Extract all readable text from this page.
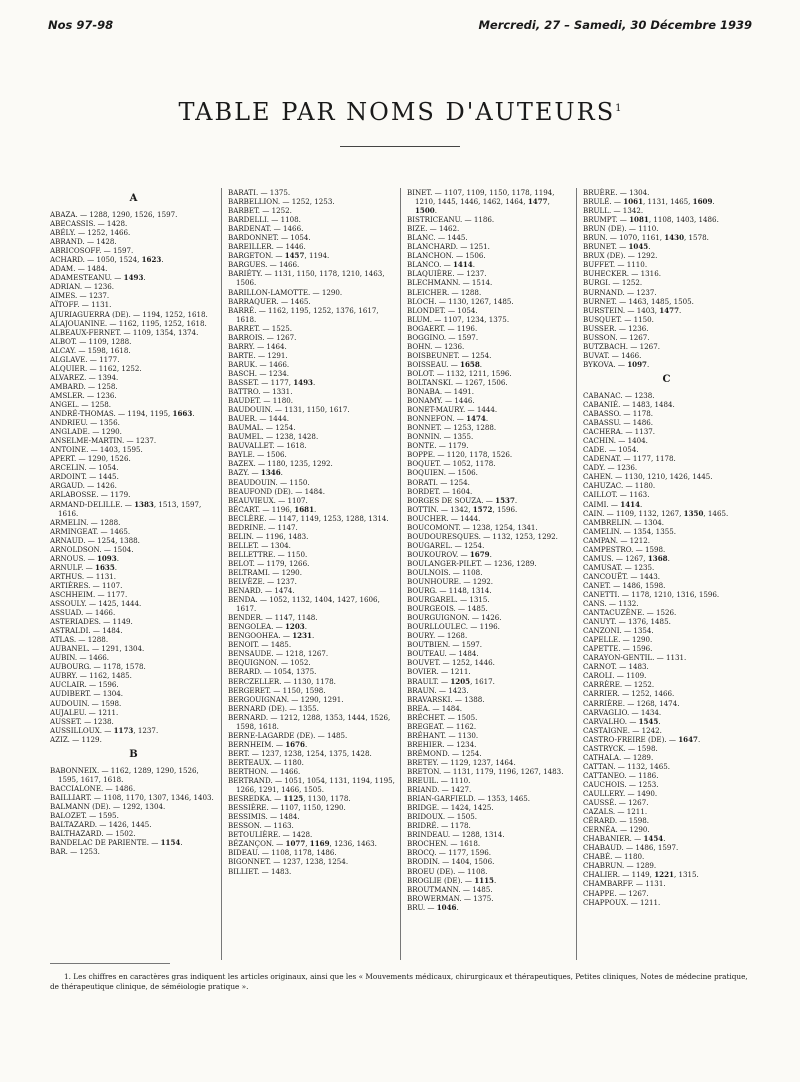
Nos 97-98	Mercredi, 27 – Samedi, 30 Décembre 1939
TABLE PAR NOMS D'AUTEURS$^1$
A
ABAZA. — 1288, 1290, 1526, 1597.
ABECASSIS. — 1428.
ABÉLY. — 1252, 1466.
ABRAND. — 1428.
ABRICOSOFF. — 1597.
ACHARD. — 1050, 1524, 1623.
ADAM. — 1484.
ADAMESTEANU. — 1493.
ADRIAN. — 1236.
AIMES. — 1237.
AÏTOFF. — 1131.
AJURIAGUERRA (DE). — 1194, 1252, 1618.
ALAJOUANINE. — 1162, 1195, 1252, 1618.
ALBEAUX-FERNET. — 1109, 1354, 1374.
ALBOT. — 1109, 1288.
ALCAY. — 1598, 1618.
ALGLAVE. — 1177.
ALQUIER. — 1162, 1252.
ALVAREZ. — 1394.
AMBARD. — 1258.
AMSLER. — 1236.
ANGEL. — 1258.
ANDRÉ-THOMAS. — 1194, 1195, 1663.
ANDRIEU. — 1356.
ANGLADE. — 1290.
ANSELME-MARTIN. — 1237.
ANTOINE. — 1403, 1595.
APERT. — 1290, 1526.
ARCELIN. — 1054.
ARDOINT. — 1445.
ARGAUD. — 1426.
ARLABOSSE. — 1179.
ARMAND-DELILLE. — 1383, 1513, 1597, 1616.
ARMELIN. — 1288.
ARMINGEAT. — 1465.
ARNAUD. — 1254, 1388.
ARNOLDSON. — 1504.
ARNOUS. — 1093.
ARNULF. — 1635.
ARTHUS. — 1131.
ARTIÈRES. — 1107.
ASCHHEIM. — 1177.
ASSOULY. — 1425, 1444.
ASSUAD. — 1466.
ASTERIADES. — 1149.
ASTRALDI. — 1484.
ATLAS. — 1288.
AUBANEL. — 1291, 1304.
AUBIN. — 1466.
AUBOURG. — 1178, 1578.
AUBRY. — 1162, 1485.
AUCLAIR. — 1596.
AUDIBERT. — 1304.
AUDOUIN. — 1598.
AUJALEU. — 1211.
AUSSET. — 1238.
AUSSILLOUX. — 1173, 1237.
AZIZ. — 1129.
B
BABONNEIX. — 1162, 1289, 1290, 1526, 1595, 1617, 1618.
BACCIALONE. — 1486.
BAILLIART. — 1108, 1170, 1307, 1346, 1403.
BALMANN (DE). — 1292, 1304.
BALOZET. — 1595.
BALTAZARD. — 1426, 1445.
BALTHAZARD. — 1502.
BANDELAC DE PARIENTE. — 1154.
BAR. — 1253.
BARATI. — 1375.
BARBELLION. — 1252, 1253.
BARBET. — 1252.
BARDELLI. — 1108.
BARDENAT. — 1466.
BARDONNET. — 1054.
BAREILLER. — 1446.
BARGETON. — 1457, 1194.
BARGUES. — 1466.
BARIÉTY. — 1131, 1150, 1178, 1210, 1463, 1506.
BARILLON-LAMOTTE. — 1290.
BARRAQUER. — 1465.
BARRÉ. — 1162, 1195, 1252, 1376, 1617, 1618.
BARRET. — 1525.
BARROIS. — 1267.
BARRY. — 1464.
BARTE. — 1291.
BARUK. — 1466.
BASCH. — 1234.
BASSET. — 1177, 1493.
BATTRO. — 1331.
BAUDET. — 1180.
BAUDOUIN. — 1131, 1150, 1617.
BAUER. — 1444.
BAUMAL. — 1254.
BAUMEL. — 1238, 1428.
BAUVALLET. — 1618.
BAYLE. — 1506.
BAZEX. — 1180, 1235, 1292.
BAZY. — 1346.
BEAUDOUIN. — 1150.
BEAUFOND (DE). — 1484.
BEAUVIEUX. — 1107.
BÉCART. — 1196, 1681.
BECLÈRE. — 1147, 1149, 1253, 1288, 1314.
BEDRINE. — 1147.
BELIN. — 1196, 1483.
BELLET. — 1304.
BELLETTRE. — 1150.
BELOT. — 1179, 1266.
BELTRAMI. — 1290.
BELVÈZE. — 1237.
BENARD. — 1474.
BENDA. — 1052, 1132, 1404, 1427, 1606, 1617.
BENDER. — 1147, 1148.
BENGOLEA. — 1203.
BENGOOHEA. — 1231.
BENOIT. — 1485.
BENSAUDE. — 1218, 1267.
BEQUIGNON. — 1052.
BERARD. — 1054, 1375.
BERCZELLER. — 1130, 1178.
BERGERET. — 1150, 1598.
BERGOUIGNAN. — 1290, 1291.
BERNARD (DE). — 1355.
BERNARD. — 1212, 1288, 1353, 1444, 1526, 1598, 1618.
BERNE-LAGARDE (DE). — 1485.
BERNHEIM. — 1676.
BERT. — 1237, 1238, 1254, 1375, 1428.
BERTEAUX. — 1180.
BERTHON. — 1466.
BERTRAND. — 1051, 1054, 1131, 1194, 1195, 1266, 1291, 1466, 1505.
BESREDKA. — 1125, 1130, 1178.
BESSIÈRE. — 1107, 1150, 1290.
BESSIMIS. — 1484.
BESSON. — 1163.
BETOULIÈRE. — 1428.
BÉZANÇON. — 1077, 1169, 1236, 1463.
BIDEAU. — 1108, 1178, 1486.
BIGONNET. — 1237, 1238, 1254.
BILLIET. — 1483.
BINET. — 1107, 1109, 1150, 1178, 1194, 1210, 1445, 1446, 1462, 1464, 1477, 1500.
BISTRICEANU. — 1186.
BIZE. — 1462.
BLANC. — 1445.
BLANCHARD. — 1251.
BLANCHON. — 1506.
BLANCO. — 1414.
BLAQUIÈRE. — 1237.
BLECHMANN. — 1514.
BLEICHER. — 1288.
BLOCH. — 1130, 1267, 1485.
BLONDET. — 1054.
BLUM. — 1107, 1234, 1375.
BOGAERT. — 1196.
BOGGINO. — 1597.
BOHN. — 1236.
BOISBEUNET. — 1254.
BOISSEAU. — 1658.
BOLOT. — 1132, 1211, 1596.
BOLTANSKI. — 1267, 1506.
BONABA. — 1491.
BONAMY. — 1446.
BONET-MAURY. — 1444.
BONNEFON. — 1474.
BONNET. — 1253, 1288.
BONNIN. — 1355.
BONTE. — 1179.
BOPPE. — 1120, 1178, 1526.
BOQUET. — 1052, 1178.
BOQUIEN. — 1506.
BORATI. — 1254.
BORDET. — 1604.
BORGES DE SOUZA. — 1537.
BOTTIN. — 1342, 1572, 1596.
BOUCHER. — 1444.
BOUCOMONT. — 1238, 1254, 1341.
BOUDOURESQUES. — 1132, 1253, 1292.
BOUGAREL. — 1254.
BOUKOUROV. — 1679.
BOULANGER-PILET. — 1236, 1289.
BOULNOIS. — 1108.
BOUNHOURE. — 1292.
BOURG. — 1148, 1314.
BOURGAREL. — 1315.
BOURGEOIS. — 1485.
BOURGUIGNON. — 1426.
BOURLLOULEC. — 1196.
BOURY. — 1268.
BOUTBIEN. — 1597.
BOUTEAU. — 1484.
BOUVET. — 1252, 1446.
BOVIER. — 1211.
BRAULT. — 1205, 1617.
BRAUN. — 1423.
BRAVARSKI. — 1388.
BREA. — 1484.
BRÉCHET. — 1505.
BREGEAT. — 1162.
BRÉHANT. — 1130.
BREHIER. — 1234.
BRÉMOND. — 1254.
BRETEY. — 1129, 1237, 1464.
BRETON. — 1131, 1179, 1196, 1267, 1483.
BREUIL. — 1110.
BRIAND. — 1427.
BRIAN-GARFIELD. — 1353, 1465.
BRIDGE. — 1424, 1425.
BRIDOUX. — 1505.
BRIDRÉ. — 1178.
BRINDEAU. — 1288, 1314.
BROCHEN. — 1618.
BROCQ. — 1177, 1596.
BRODIN. — 1404, 1506.
BROEU (DE). — 1108.
BROGLIE (DE). — 1115.
BROUTMANN. — 1485.
BROWERMAN. — 1375.
BRU. — 1046.
BRUÈRE. — 1304.
BRULÉ. — 1061, 1131, 1465, 1609.
BRULL. — 1342.
BRUMPT. — 1081, 1108, 1403, 1486.
BRUN (DE). — 1110.
BRUN. — 1070, 1161, 1430, 1578.
BRUNET. — 1045.
BRUX (DE). — 1292.
BUFFET. — 1110.
BUHECKER. — 1316.
BURGI. — 1252.
BURNAND. — 1237.
BURNET. — 1463, 1485, 1505.
BURSTEIN. — 1403, 1477.
BUSQUET. — 1150.
BUSSER. — 1236.
BUSSON. — 1267.
BUTZBACH. — 1267.
BUVAT. — 1466.
BYKOVA. — 1097.
C
CABANAC. — 1238.
CABANIÉ. — 1483, 1484.
CABASSO. — 1178.
CABASSU. — 1486.
CACHERA. — 1137.
CACHIN. — 1404.
CADE. — 1054.
CADENAT. — 1177, 1178.
CADY. — 1236.
CAHEN. — 1130, 1210, 1426, 1445.
CAHUZAC. — 1180.
CAILLOT. — 1163.
CAIMI. — 1414.
CAIN. — 1109, 1132, 1267, 1350, 1465.
CAMBRELIN. — 1304.
CAMELIN. — 1354, 1355.
CAMPAN. — 1212.
CAMPESTRO. — 1598.
CAMUS. — 1267, 1368.
CAMUSAT. — 1235.
CANCOUËT. — 1443.
CANET. — 1486, 1598.
CANETTI. — 1178, 1210, 1316, 1596.
CANS. — 1132.
CANTACUZÈNE. — 1526.
CANUYT. — 1376, 1485.
CANZONI. — 1354.
CAPELLE. — 1290.
CAPETTE. — 1596.
CARAYON-GENTIL. — 1131.
CARNOT. — 1483.
CAROLI. — 1109.
CARRÈRE. — 1252.
CARRIER. — 1252, 1466.
CARRIÈRE. — 1268, 1474.
CARVAGLIO. — 1434.
CARVALHO. — 1545.
CASTAIGNE. — 1242.
CASTRO-FREIRE (DE). — 1647.
CASTRYCK. — 1598.
CATHALA. — 1289.
CATTAN. — 1132, 1465.
CATTANEO. — 1186.
CAUCHOIS. — 1253.
CAULLERY. — 1490.
CAUSSÉ. — 1267.
CAZALS. — 1211.
CÉRARD. — 1598.
CERNÉA. — 1290.
CHABANIER. — 1454.
CHABAUD. — 1486, 1597.
CHABÉ. — 1180.
CHABRUN. — 1289.
CHALIER. — 1149, 1221, 1315.
CHAMBARFF. — 1131.
CHAPPE. — 1267.
CHAPPOUX. — 1211.
1. Les chiffres en caractères gras indiquent les articles originaux, ainsi que les « Mouvements médicaux, chirurgicaux et thérapeutiques, Petites cliniques, Notes de médecine pratique, de thérapeutique clinique, de séméiologie pratique ».
